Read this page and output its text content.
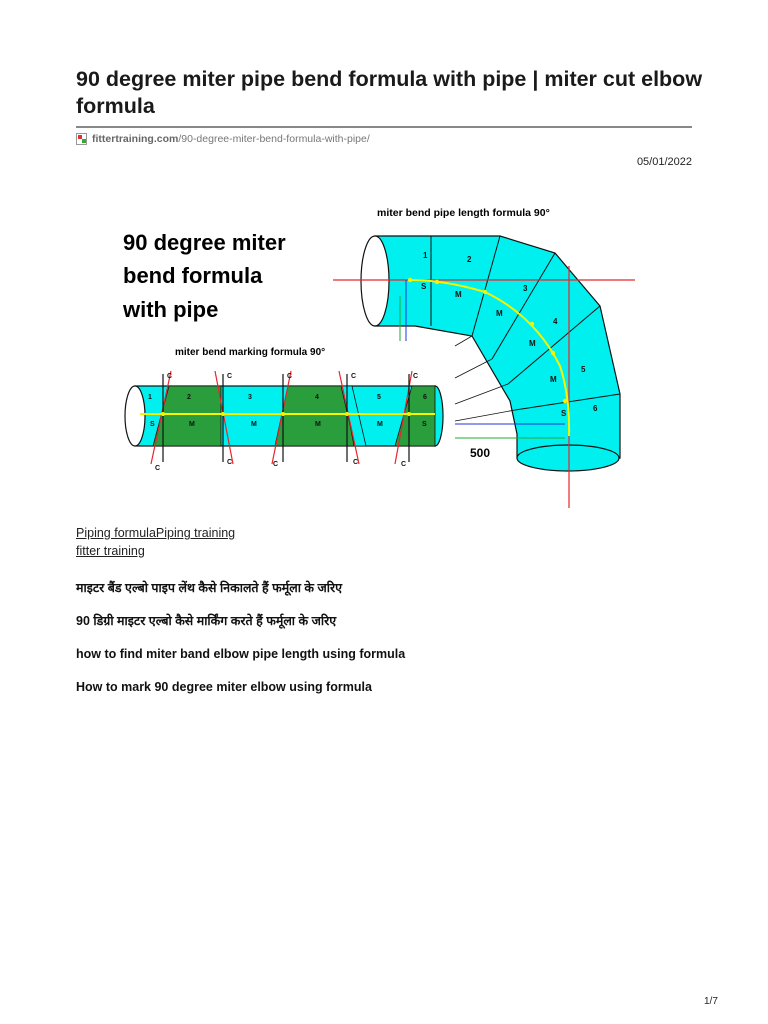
90 degree miter pipe bend formula with pipe | miter cut elbow formula
fittertraining.com/90-degree-miter-bend-formula-with-pipe/
05/01/2022
90 degree miter
bend formula
with pipe
miter bend pipe length formula 90°
miter bend marking formula 90°
1	2
3
4
5
6
S
M
M
M
M
S
500
1	2	3	4	5	6
S	M	M	M	M	S
C	C	C	C	C
C
C	C	C	C
Piping formulaPiping training
fitter training
माइटर बैंड एल्बो पाइप लेंथ कैसे निकालते हैं फर्मूला के जरिए
90 डिग्री माइटर एल्बो कैसे मार्किंग करते हैं फर्मूला के जरिए
how to find miter band elbow pipe length using formula
How to mark 90 degree miter elbow using formula
1/7
